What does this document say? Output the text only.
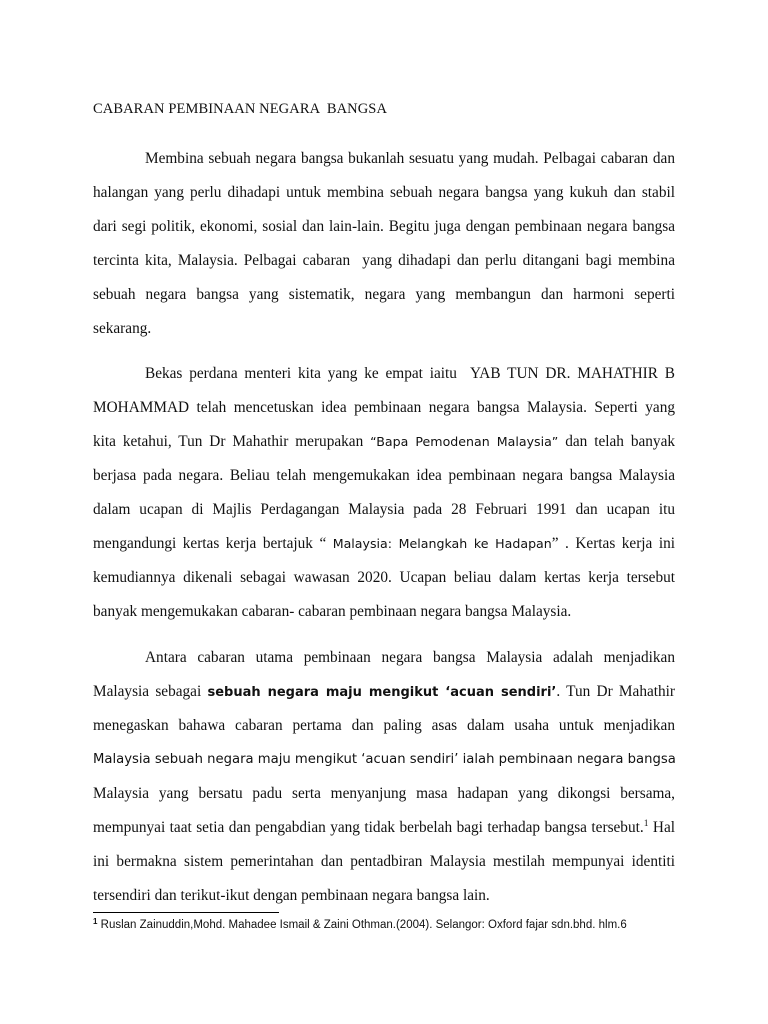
CABARAN PEMBINAAN NEGARA  BANGSA
Membina sebuah negara bangsa bukanlah sesuatu yang mudah. Pelbagai cabaran dan
halangan yang perlu dihadapi untuk membina sebuah negara bangsa yang kukuh dan stabil
dari segi politik, ekonomi, sosial dan lain-lain. Begitu juga dengan pembinaan negara bangsa
tercinta kita, Malaysia. Pelbagai cabaran  yang dihadapi dan perlu ditangani bagi membina
sebuah negara bangsa yang sistematik, negara yang membangun dan harmoni seperti
sekarang.
Bekas perdana menteri kita yang ke empat iaitu  YAB TUN DR. MAHATHIR B
MOHAMMAD telah mencetuskan idea pembinaan negara bangsa Malaysia. Seperti yang
kita ketahui, Tun Dr Mahathir merupakan “Bapa Pemodenan Malaysia” dan telah banyak
berjasa pada negara. Beliau telah mengemukakan idea pembinaan negara bangsa Malaysia
dalam ucapan di Majlis Perdagangan Malaysia pada 28 Februari 1991 dan ucapan itu
mengandungi kertas kerja bertajuk “ Malaysia: Melangkah ke Hadapan” . Kertas kerja ini
kemudiannya dikenali sebagai wawasan 2020. Ucapan beliau dalam kertas kerja tersebut
banyak mengemukakan cabaran- cabaran pembinaan negara bangsa Malaysia.
Antara cabaran utama pembinaan negara bangsa Malaysia adalah menjadikan
Malaysia sebagai sebuah negara maju mengikut ‘acuan sendiri’. Tun Dr Mahathir
menegaskan bahawa cabaran pertama dan paling asas dalam usaha untuk menjadikan
Malaysia sebuah negara maju mengikut ‘acuan sendiri’ ialah pembinaan negara bangsa
Malaysia yang bersatu padu serta menyanjung masa hadapan yang dikongsi bersama,
mempunyai taat setia dan pengabdian yang tidak berbelah bagi terhadap bangsa tersebut.$^1$ Hal
ini bermakna sistem pemerintahan dan pentadbiran Malaysia mestilah mempunyai identiti
tersendiri dan terikut-ikut dengan pembinaan negara bangsa lain.
$^1$ Ruslan Zainuddin,Mohd. Mahadee Ismail & Zaini Othman.(2004). Selangor: Oxford fajar sdn.bhd. hlm.6
